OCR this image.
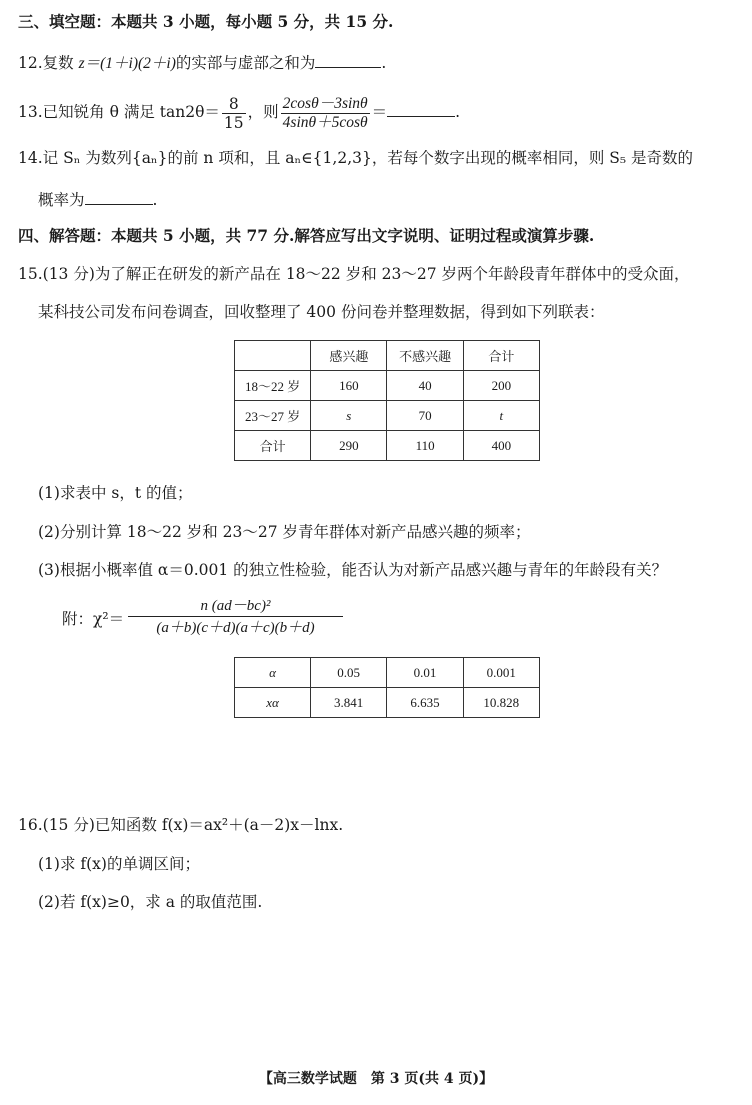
三、填空题：本题共 3 小题，每小题 5 分，共 15 分.
12.复数 z＝(1＋i)(2＋i)的实部与虚部之和为	.
13.已知锐角 θ 满足 $\tan 2\theta= \frac{8}{15}$ ，则 $\frac{2\cos\theta-3\sin\theta}{4\sin\theta+5\cos\theta}$ ＝	.
14.记 Sₙ 为数列{aₙ}的前 n 项和，且 aₙ∈{1,2,3}，若每个数字出现的概率相同，则 S₅ 是奇数的
概率为	.
四、解答题：本题共 5 小题，共 77 分.解答应写出文字说明、证明过程或演算步骤.
15.(13 分)为了解正在研发的新产品在 18～22 岁和 23～27 岁两个年龄段青年群体中的受众面，
某科技公司发布问卷调查，回收整理了 400 份问卷并整理数据，得到如下列联表：
	感兴趣	不感兴趣	合计
18～22 岁	160	40	200
23～27 岁	s	70	t
合计	290	110	400
(1)求表中 s，t 的值；
(2)分别计算 18～22 岁和 23～27 岁青年群体对新产品感兴趣的频率；
(3)根据小概率值 α＝0.001 的独立性检验，能否认为对新产品感兴趣与青年的年龄段有关？
附：$\chi^2= \frac{\text{n (ad－bc)²}}{(a+b)(c+d)(a+c)(b+d)}$
α	0.05	0.01	0.001
xα	3.841	6.635	10.828
16.(15 分)已知函数 f(x)＝ax²＋(a－2)x－lnx.
(1)求 f(x)的单调区间；
(2)若 f(x)≥0，求 a 的取值范围.
【高三数学试题　第 3 页(共 4 页)】
